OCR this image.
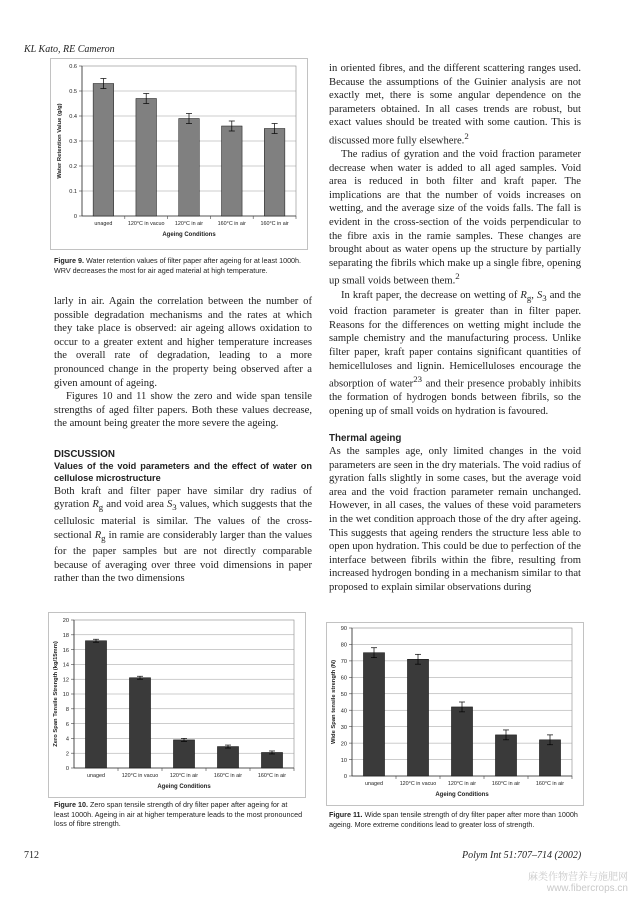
KL Kato, RE Cameron
0
0.1
0.2
0.3
0.4
0.5
0.6
unaged	120°C in vacuo 120°C in air	160°C in air	160°C in air
Ageing Conditions
Water Retention Value (g/g)
Figure 9. Water retention values of filter paper after ageing for at least 1000h. WRV decreases the most for air aged material at high temperature.

larly in air. Again the correlation between the number of possible degradation mechanisms and the rates at which they take place is observed: air ageing allows oxidation to occur to a greater extent and higher temperature increases the overall rate of degradation, leading to a more pronounced change in the property being observed after a given amount of ageing.

Figures 10 and 11 show the zero and wide span tensile strengths of aged filter papers. Both these values decrease, the amount being greater the more severe the ageing.

DISCUSSION
Values of the void parameters and the effect of water on cellulose microstructure

Both kraft and filter paper have similar dry radius of gyration $R_g$ and void area $S_3$ values, which suggests that the cellulosic material is similar. The values of the cross-sectional $R_g$ in ramie are considerably larger than the values for the paper samples but are not directly comparable because of averaging over three void dimensions in paper rather than the two dimensions

in oriented fibres, and the different scattering ranges used. Because the assumptions of the Guinier analysis are not exactly met, there is some angular dependence on the parameters obtained. In all cases trends are robust, but exact values should be treated with some caution. This is discussed more fully elsewhere.$^2$

The radius of gyration and the void fraction parameter decrease when water is added to all aged samples. Void area is reduced in both filter and kraft paper. The implications are that the number of voids increases on wetting, and the average size of the voids falls. The fall is evident in the cross-section of the voids perpendicular to the fibre axis in the ramie samples. These changes are brought about as water opens up the structure by partially separating the fibrils which make up a single fibre, opening up small voids between them.$^2$

In kraft paper, the decrease on wetting of $R_g$, $S_3$ and the void fraction parameter is greater than in filter paper. Reasons for the differences on wetting might include the sample chemistry and the manufacturing process. Unlike filter paper, kraft paper contains significant quantities of hemicelluloses and lignin. Hemicelluloses encourage the absorption of water$^{23}$ and their presence probably inhibits the formation of hydrogen bonds between fibrils, so the opening up of small voids on hydration is favoured.

Thermal ageing

As the samples age, only limited changes in the void parameters are seen in the dry materials. The void radius of gyration falls slightly in some cases, but the average void area and the void fraction parameter remain unchanged. However, in all cases, the values of these void parameters in the wet condition approach those of the dry after ageing. This suggests that ageing renders the structure less able to open upon hydration. This could be due to perfection of the interface between fibrils within the fibre, resulting from increased hydrogen bonding in a mechanism similar to that proposed to explain similar observations during

0
2
4
6
8
10
12
14
16
18
20
unaged	120°C in vacuo 120°C in air	160°C in air	160°C in air
Ageing Conditions
Zero Span Tensile Strength (kg/15mm)
Figure 10. Zero span tensile strength of dry filter paper after ageing for at least 1000h. Ageing in air at higher temperature leads to the most pronounced loss of fibre strength.
0
10
20
30
40
50
60
70
80
90
unaged	120°C in vacuo 120°C in air	160°C in air	160°C in air
Ageing Conditions
Wide Span tensile strength (N)
Figure 11. Wide span tensile strength of dry filter paper after more than 1000h ageing. More extreme conditions lead to greater loss of strength.
712	Polym Int 51:707–714 (2002)
麻类作物营养与施肥网
www.fibercrops.cn
